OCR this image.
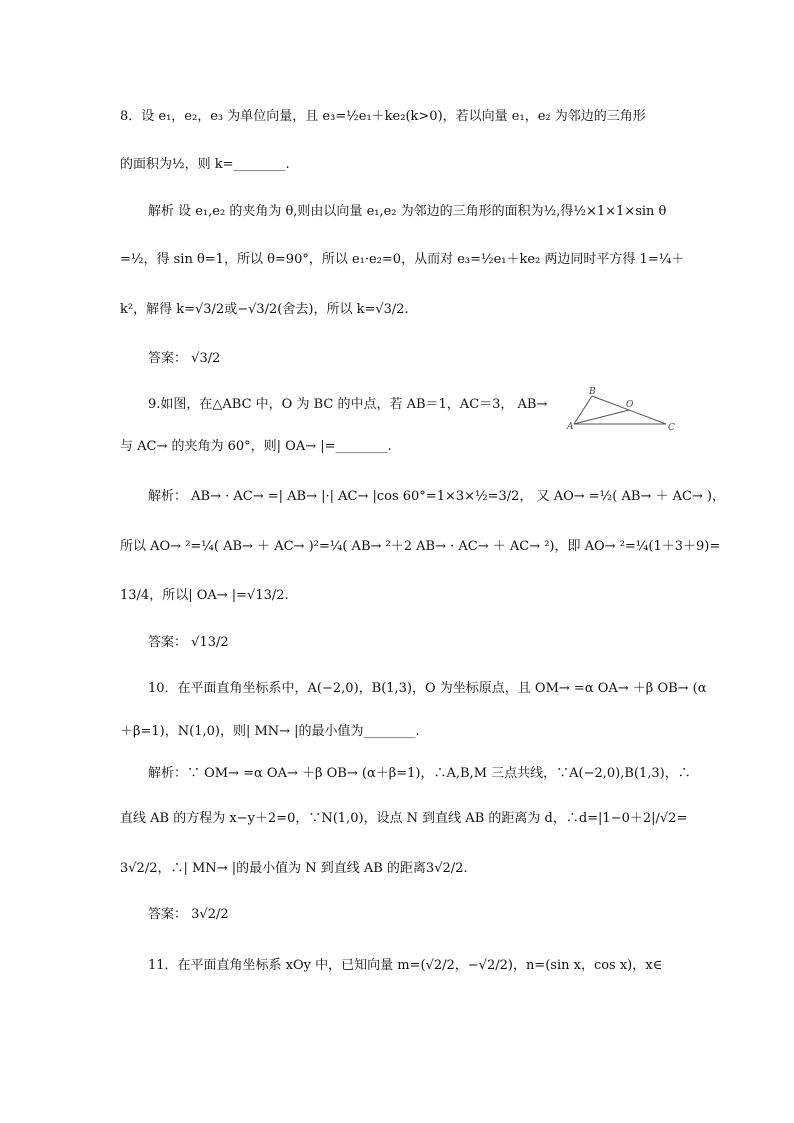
8．设 e₁，e₂，e₃ 为单位向量，且 e₃=½e₁＋ke₂(k>0)，若以向量 e₁，e₂ 为邻边的三角形
的面积为½，则 k=________.
解析 设 e₁,e₂ 的夹角为 θ,则由以向量 e₁,e₂ 为邻边的三角形的面积为½,得½×1×1×sin θ
=½，得 sin θ=1，所以 θ=90°，所以 e₁·e₂=0，从而对 e₃=½e₁＋ke₂ 两边同时平方得 1=¼＋
k²，解得 k=√3/2或−√3/2(舍去)，所以 k=√3/2.
答案： √3/2
9.如图，在△ABC 中，O 为 BC 的中点，若 AB＝1，AC＝3， AB→
A
B
C
O
与 AC→ 的夹角为 60°，则| OA→ |=________.
解析： AB→ · AC→ =| AB→ |·| AC→ |cos 60°=1×3×½=3/2， 又 AO→ =½( AB→ ＋ AC→ )，
所以 AO→ ²=¼( AB→ ＋ AC→ )²=¼( AB→ ²＋2 AB→ · AC→ ＋ AC→ ²)，即 AO→ ²=¼(1＋3＋9)=
13/4，所以| OA→ |=√13/2.
答案： √13/2
10．在平面直角坐标系中，A(−2,0)，B(1,3)，O 为坐标原点，且 OM→ =α OA→ ＋β OB→ (α
＋β=1)，N(1,0)，则| MN→ |的最小值为________.
解析：∵ OM→ =α OA→ ＋β OB→ (α＋β=1)，∴A,B,M 三点共线，∵A(−2,0),B(1,3)，∴
直线 AB 的方程为 x−y＋2=0，∵N(1,0)，设点 N 到直线 AB 的距离为 d，∴d=|1−0＋2|/√2=
3√2/2，∴| MN→ |的最小值为 N 到直线 AB 的距离3√2/2.
答案： 3√2/2
11．在平面直角坐标系 xOy 中，已知向量 m=(√2/2，−√2/2)，n=(sin x，cos x)，x∈
